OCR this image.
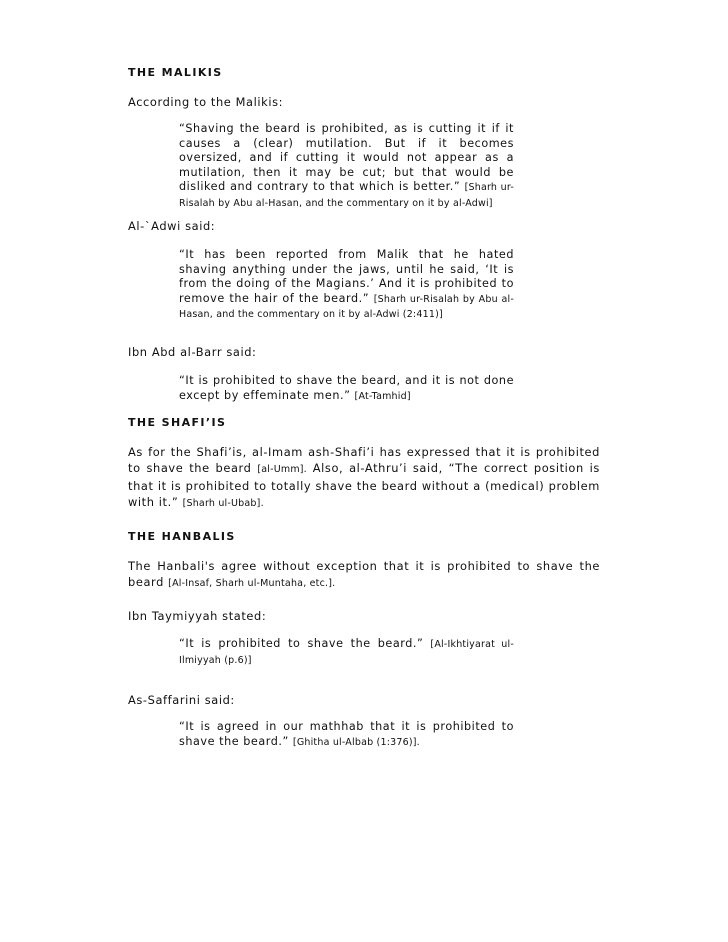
THE MALIKIS
According to the Malikis:
“Shaving the beard is prohibited, as is cutting it if it causes a (clear) mutilation. But if it becomes oversized, and if cutting it would not appear as a mutilation, then it may be cut; but that would be disliked and contrary to that which is better.” [Sharh ur-Risalah by Abu al-Hasan, and the commentary on it by al-Adwi]
Al-`Adwi said:
“It has been reported from Malik that he hated shaving anything under the jaws, until he said, ‘It is from the doing of the Magians.’ And it is prohibited to remove the hair of the beard.” [Sharh ur-Risalah by Abu al-Hasan, and the commentary on it by al-Adwi (2:411)]
Ibn Abd al-Barr said:
“It is prohibited to shave the beard, and it is not done except by effeminate men.” [At-Tamhid]
THE SHAFI’IS
As for the Shafi’is, al-Imam ash-Shafi’i has expressed that it is prohibited to shave the beard [al-Umm]. Also, al-Athru’i said, “The correct position is that it is prohibited to totally shave the beard without a (medical) problem with it.” [Sharh ul-Ubab].
THE HANBALIS
The Hanbali's agree without exception that it is prohibited to shave the beard [Al-Insaf, Sharh ul-Muntaha, etc.].
Ibn Taymiyyah stated:
“It is prohibited to shave the beard.” [Al-Ikhtiyarat ul-Ilmiyyah (p.6)]
As-Saffarini said:
“It is agreed in our mathhab that it is prohibited to shave the beard.” [Ghitha ul-Albab (1:376)].
